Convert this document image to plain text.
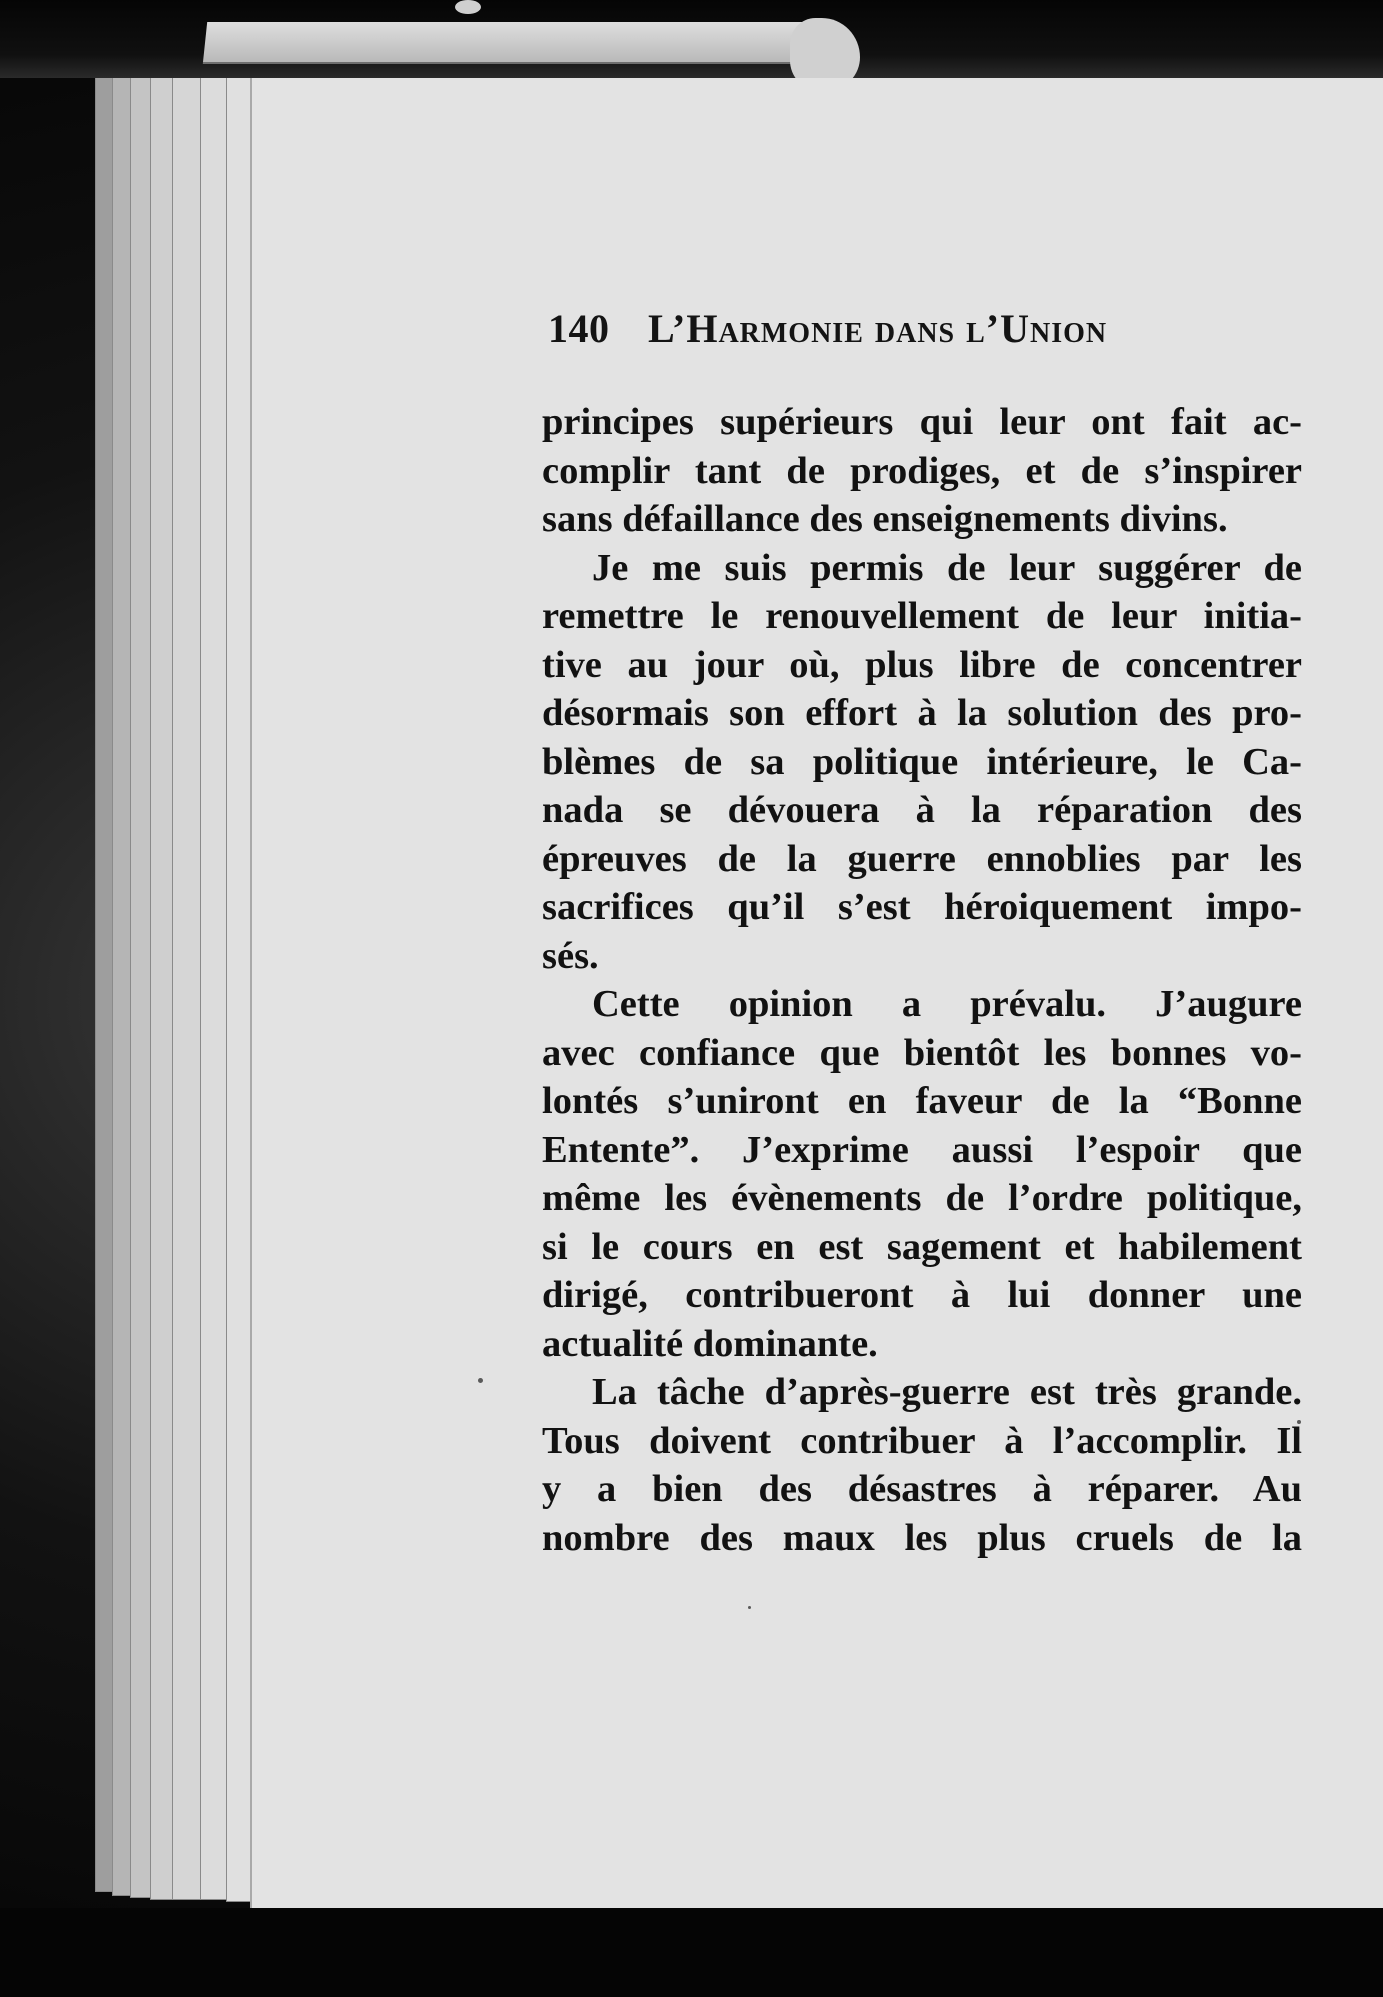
140 L’Harmonie dans l’Union
principes supérieurs qui leur ont fait ac-
complir tant de prodiges, et de s’inspirer
sans défaillance des enseignements divins.
Je me suis permis de leur suggérer de
remettre le renouvellement de leur initia-
tive au jour où, plus libre de concentrer
désormais son effort à la solution des pro-
blèmes de sa politique intérieure, le Ca-
nada se dévouera à la réparation des
épreuves de la guerre ennoblies par les
sacrifices qu’il s’est héroiquement impo-
sés.
Cette opinion a prévalu. J’augure
avec confiance que bientôt les bonnes vo-
lontés s’uniront en faveur de la “Bonne
Entente”. J’exprime aussi l’espoir que
même les évènements de l’ordre politique,
si le cours en est sagement et habilement
dirigé, contribueront à lui donner une
actualité dominante.
La tâche d’après-guerre est très grande.
Tous doivent contribuer à l’accomplir. Il
y a bien des désastres à réparer. Au
nombre des maux les plus cruels de la
